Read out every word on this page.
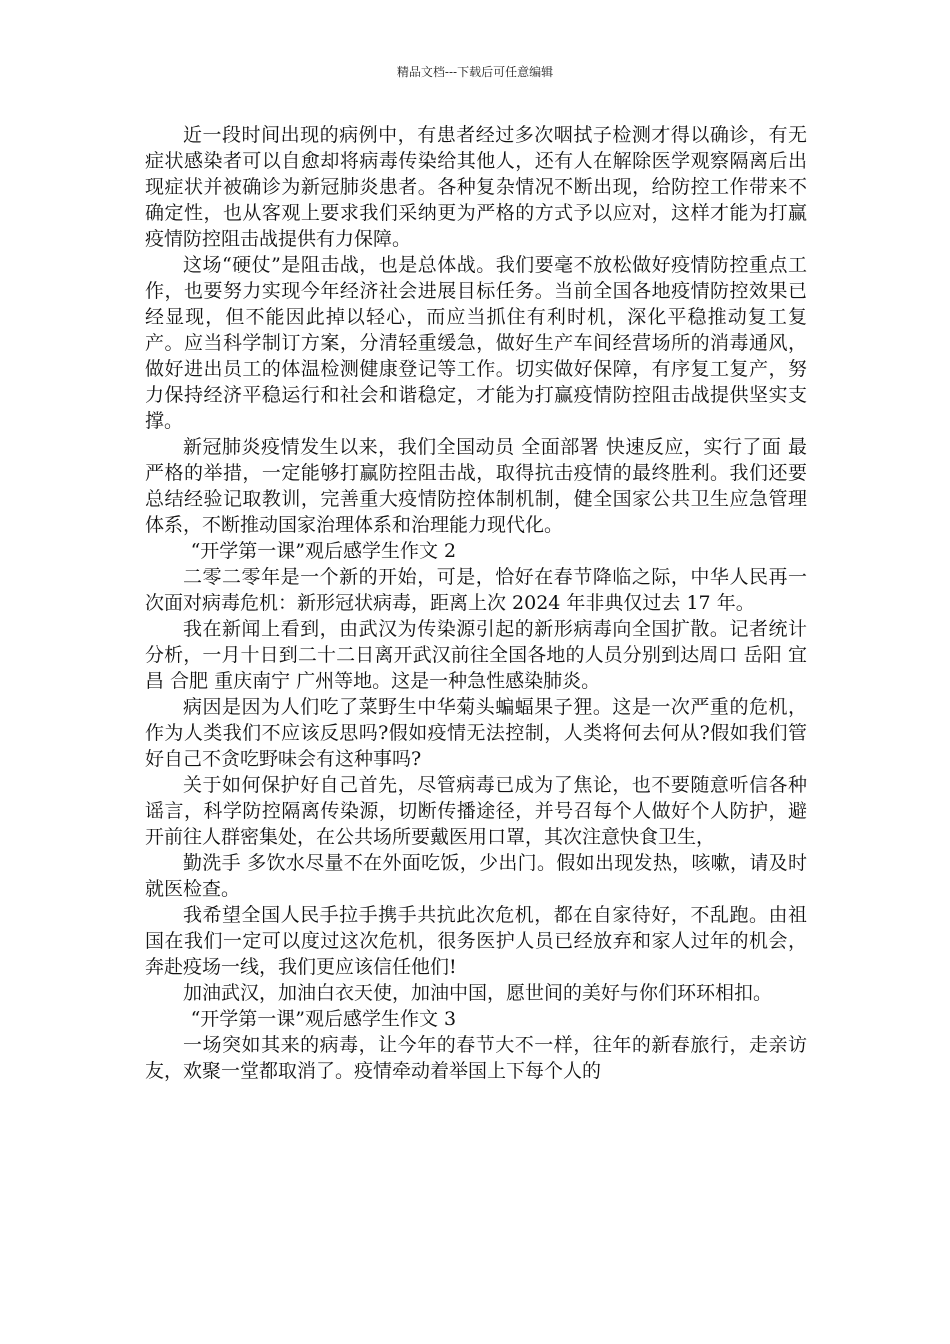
精品文档---下载后可任意编辑

近一段时间出现的病例中，有患者经过多次咽拭子检测才得以确诊，有无症状感染者可以自愈却将病毒传染给其他人，还有人在解除医学观察隔离后出现症状并被确诊为新冠肺炎患者。各种复杂情况不断出现，给防控工作带来不确定性，也从客观上要求我们采纳更为严格的方式予以应对，这样才能为打赢疫情防控阻击战提供有力保障。

这场“硬仗”是阻击战，也是总体战。我们要毫不放松做好疫情防控重点工作，也要努力实现今年经济社会进展目标任务。当前全国各地疫情防控效果已经显现，但不能因此掉以轻心，而应当抓住有利时机，深化平稳推动复工复产。应当科学制订方案，分清轻重缓急，做好生产车间经营场所的消毒通风，做好进出员工的体温检测健康登记等工作。切实做好保障，有序复工复产，努力保持经济平稳运行和社会和谐稳定，才能为打赢疫情防控阻击战提供坚实支撑。

新冠肺炎疫情发生以来，我们全国动员 全面部署 快速反应，实行了面 最严格的举措，一定能够打赢防控阻击战，取得抗击疫情的最终胜利。我们还要总结经验记取教训，完善重大疫情防控体制机制，健全国家公共卫生应急管理体系，不断推动国家治理体系和治理能力现代化。

“开学第一课”观后感学生作文 2

二零二零年是一个新的开始，可是，恰好在春节降临之际，中华人民再一次面对病毒危机：新形冠状病毒，距离上次 2024 年非典仅过去 17 年。

我在新闻上看到，由武汉为传染源引起的新形病毒向全国扩散。记者统计分析，一月十日到二十二日离开武汉前往全国各地的人员分别到达周口 岳阳 宜昌 合肥 重庆南宁 广州等地。这是一种急性感染肺炎。

病因是因为人们吃了菜野生中华菊头蝙蝠果子狸。这是一次严重的危机，作为人类我们不应该反思吗?假如疫情无法控制，人类将何去何从?假如我们管好自己不贪吃野味会有这种事吗?

关于如何保护好自己首先，尽管病毒已成为了焦论，也不要随意听信各种谣言，科学防控隔离传染源，切断传播途径，并号召每个人做好个人防护，避开前往人群密集处，在公共场所要戴医用口罩，其次注意快食卫生，

勤洗手 多饮水尽量不在外面吃饭，少出门。假如出现发热，咳嗽，请及时就医检查。

我希望全国人民手拉手携手共抗此次危机，都在自家待好，不乱跑。由祖国在我们一定可以度过这次危机，很务医护人员已经放弃和家人过年的机会，奔赴疫场一线，我们更应该信任他们!

加油武汉，加油白衣天使，加油中国，愿世间的美好与你们环环相扣。

“开学第一课”观后感学生作文 3

一场突如其来的病毒，让今年的春节大不一样，往年的新春旅行，走亲访友，欢聚一堂都取消了。疫情牵动着举国上下每个人的
